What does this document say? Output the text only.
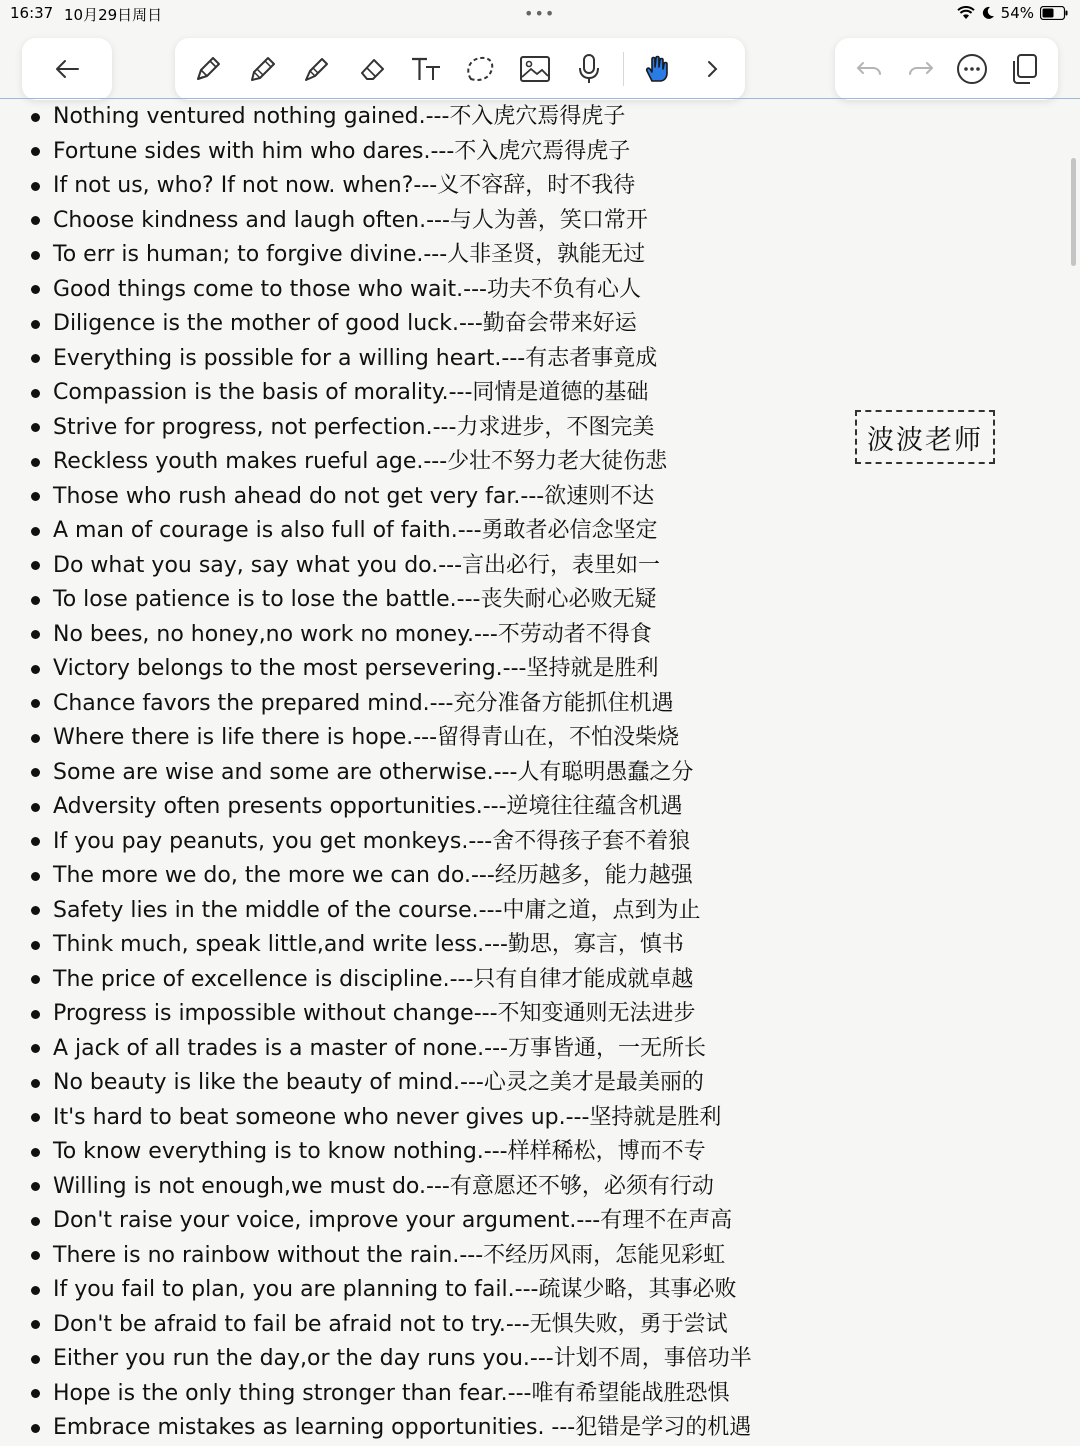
16:37 10月29日周日	•••	54%
Nothing ventured nothing gained.---不入虎穴焉得虎子
Fortune sides with him who dares.---不入虎穴焉得虎子
If not us, who? If not now. when?---义不容辞，时不我待
Choose kindness and laugh often.---与人为善，笑口常开
To err is human; to forgive divine.---人非圣贤，孰能无过
Good things come to those who wait.---功夫不负有心人
Diligence is the mother of good luck.---勤奋会带来好运
Everything is possible for a willing heart.---有志者事竟成
Compassion is the basis of morality.---同情是道德的基础
Strive for progress, not perfection.---力求进步，不图完美
Reckless youth makes rueful age.---少壮不努力老大徒伤悲
Those who rush ahead do not get very far.---欲速则不达
A man of courage is also full of faith.---勇敢者必信念坚定
Do what you say, say what you do.---言出必行，表里如一
To lose patience is to lose the battle.---丧失耐心必败无疑
No bees, no honey,no work no money.---不劳动者不得食
Victory belongs to the most persevering.---坚持就是胜利
Chance favors the prepared mind.---充分准备方能抓住机遇
Where there is life there is hope.---留得青山在，不怕没柴烧
Some are wise and some are otherwise.---人有聪明愚蠢之分
Adversity often presents opportunities.---逆境往往蕴含机遇
If you pay peanuts, you get monkeys.---舍不得孩子套不着狼
The more we do, the more we can do.---经历越多，能力越强
Safety lies in the middle of the course.---中庸之道，点到为止
Think much, speak little,and write less.---勤思，寡言，慎书
The price of excellence is discipline.---只有自律才能成就卓越
Progress is impossible without change---不知变通则无法进步
A jack of all trades is a master of none.---万事皆通，一无所长
No beauty is like the beauty of mind.---心灵之美才是最美丽的
It's hard to beat someone who never gives up.---坚持就是胜利
To know everything is to know nothing.---样样稀松，博而不专
Willing is not enough,we must do.---有意愿还不够，必须有行动
Don't raise your voice, improve your argument.---有理不在声高
There is no rainbow without the rain.---不经历风雨，怎能见彩虹
If you fail to plan, you are planning to fail.---疏谋少略，其事必败
Don't be afraid to fail be afraid not to try.---无惧失败，勇于尝试
Either you run the day,or the day runs you.---计划不周，事倍功半
Hope is the only thing stronger than fear.---唯有希望能战胜恐惧
Embrace mistakes as learning opportunities. ---犯错是学习的机遇
波波老师
